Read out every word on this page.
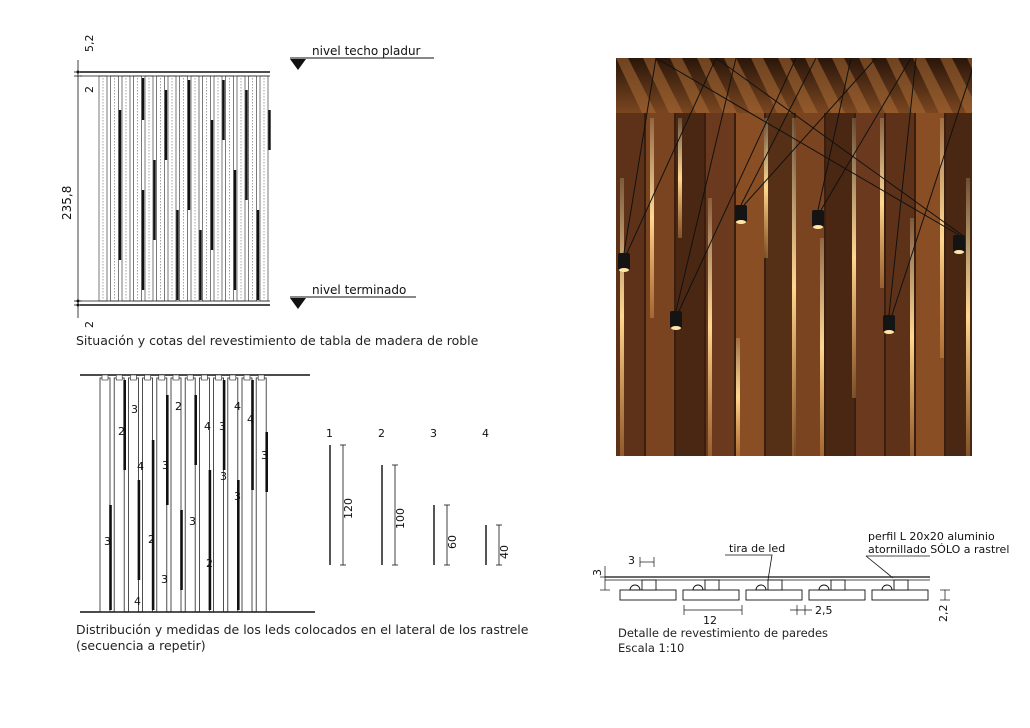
nivel techo pladur
nivel terminado
5,2
2
235,8
2
3
2
3
4
2
3
2
3
4 3
2
3
4
3
4
3
3
4
1
120
2
100
3
60
4
40	tira de led
perfil L 20x20 aluminio
atornillado SÓLO a rastrel
3
3
12
2,5	2,2
Situación y cotas del revestimiento de tabla de madera de roble
Distribución y medidas de los leds colocados en el lateral de los rastrele
(secuencia a repetir)
Detalle de revestimiento de paredes
Escala 1:10
